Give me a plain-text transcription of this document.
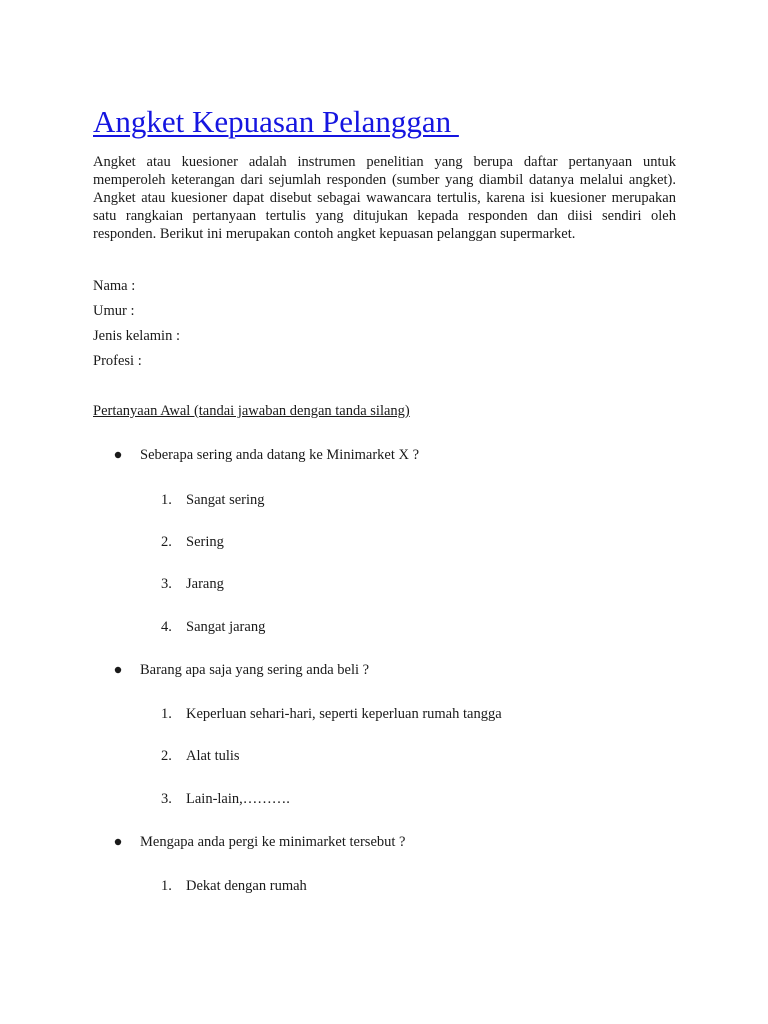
Angket Kepuasan Pelanggan

Angket atau kuesioner adalah instrumen penelitian yang berupa daftar pertanyaan untuk memperoleh keterangan dari sejumlah responden (sumber yang diambil datanya melalui angket). Angket atau kuesioner dapat disebut sebagai wawancara tertulis, karena isi kuesioner merupakan satu rangkaian pertanyaan tertulis yang ditujukan kepada responden dan diisi sendiri oleh responden. Berikut ini merupakan contoh angket kepuasan pelanggan supermarket.

Nama :

Umur :

Jenis kelamin :

Profesi :

Pertanyaan Awal (tandai jawaban dengan tanda silang)

Seberapa sering anda datang ke Minimarket X ?

1. Sangat sering

2. Sering

3. Jarang

4. Sangat jarang

Barang apa saja yang sering anda beli ?

1. Keperluan sehari-hari, seperti keperluan rumah tangga

2. Alat tulis

3. Lain-lain,……….

Mengapa anda pergi ke minimarket tersebut ?

1. Dekat dengan rumah
